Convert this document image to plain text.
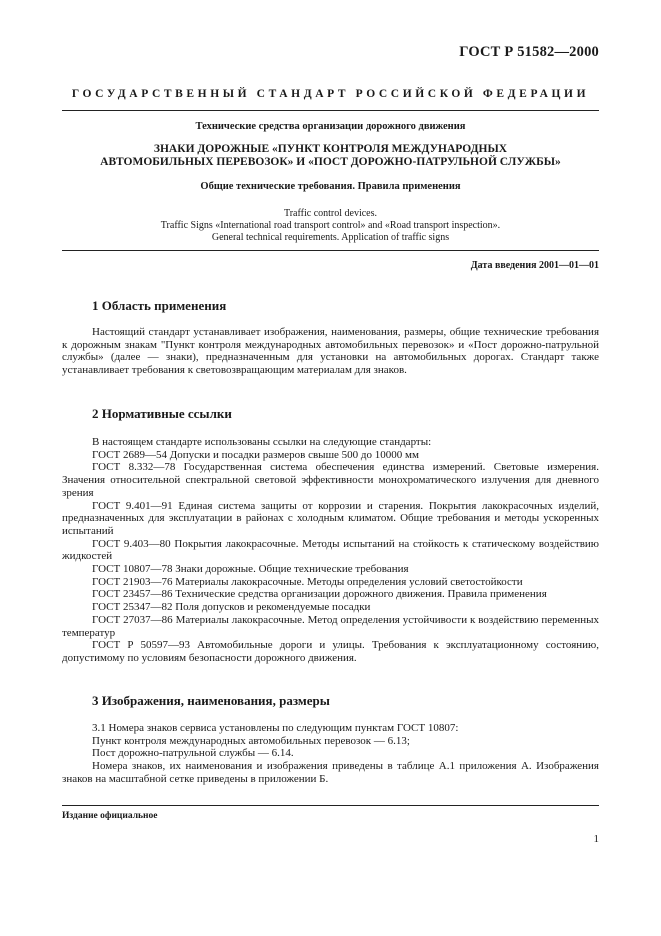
ГОСТ Р 51582—2000
ГОСУДАРСТВЕННЫЙ СТАНДАРТ РОССИЙСКОЙ ФЕДЕРАЦИИ
Технические средства организации дорожного движения
ЗНАКИ ДОРОЖНЫЕ «ПУНКТ КОНТРОЛЯ МЕЖДУНАРОДНЫХ
АВТОМОБИЛЬНЫХ ПЕРЕВОЗОК» И «ПОСТ ДОРОЖНО-ПАТРУЛЬНОЙ СЛУЖБЫ»
Общие технические требования. Правила применения
Traffic control devices.
Traffic Signs «International road transport control» and «Road transport inspection».
General technical requirements. Application of traffic signs
Дата введения 2001—01—01
1 Область применения

Настоящий стандарт устанавливает изображения, наименования, размеры, общие технические требования к дорожным знакам "Пункт контроля международных автомобильных перевозок» и «Пост дорожно-патрульной службы» (далее — знаки), предназначенным для установки на автомобильных дорогах. Стандарт также устанавливает требования к световозвращающим материалам для знаков.

2 Нормативные ссылки

В настоящем стандарте использованы ссылки на следующие стандарты:

ГОСТ 2689—54 Допуски и посадки размеров свыше 500 до 10000 мм

ГОСТ 8.332—78 Государственная система обеспечения единства измерений. Световые измерения. Значения относительной спектральной световой эффективности монохроматического излучения для дневного зрения

ГОСТ 9.401—91 Единая система защиты от коррозии и старения. Покрытия лакокрасочных изделий, предназначенных для эксплуатации в районах с холодным климатом. Общие требования и методы ускоренных испытаний

ГОСТ 9.403—80 Покрытия лакокрасочные. Методы испытаний на стойкость к статическому воздействию жидкостей

ГОСТ 10807—78 Знаки дорожные. Общие технические требования

ГОСТ 21903—76 Материалы лакокрасочные. Методы определения условий светостойкости

ГОСТ 23457—86 Технические средства организации дорожного движения. Правила применения

ГОСТ 25347—82 Поля допусков и рекомендуемые посадки

ГОСТ 27037—86 Материалы лакокрасочные. Метод определения устойчивости к воздействию переменных температур

ГОСТ Р 50597—93 Автомобильные дороги и улицы. Требования к эксплуатационному состоянию, допустимому по условиям безопасности дорожного движения.

3 Изображения, наименования, размеры

3.1 Номера знаков сервиса установлены по следующим пунктам ГОСТ 10807:

Пункт контроля международных автомобильных перевозок — 6.13;

Пост дорожно-патрульной службы — 6.14.

Номера знаков, их наименования и изображения приведены в таблице А.1 приложения А. Изображения знаков на масштабной сетке приведены в приложении Б.

Издание официальное
1
